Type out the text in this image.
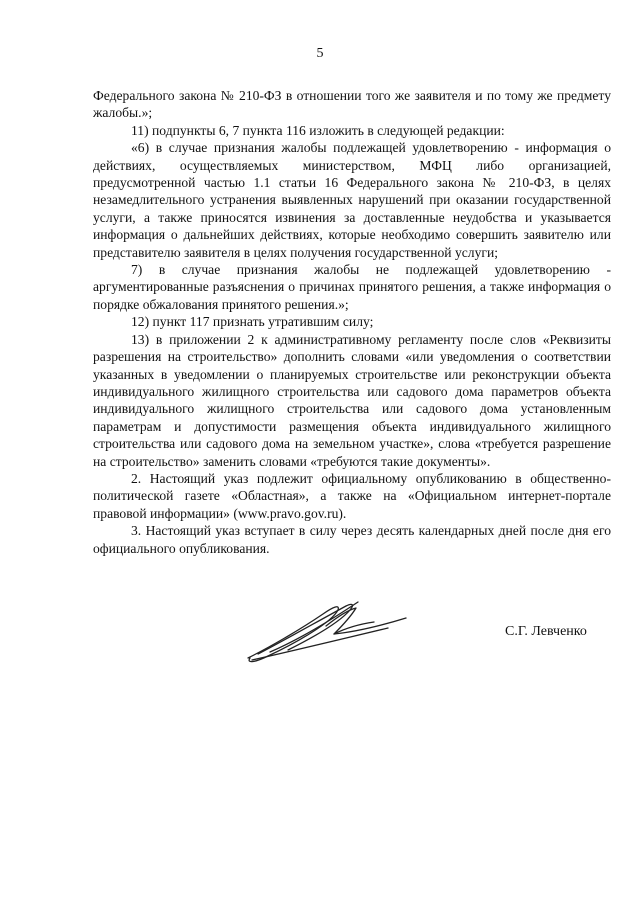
5

Федерального закона № 210-ФЗ в отношении того же заявителя и по тому же предмету жалобы.»;

11) подпункты 6, 7 пункта 116 изложить в следующей редакции:

«6) в случае признания жалобы подлежащей удовлетворению - информация о действиях, осуществляемых министерством, МФЦ либо организацией, предусмотренной частью 1.1 статьи 16 Федерального закона № 210-ФЗ, в целях незамедлительного устранения выявленных нарушений при оказании государственной услуги, а также приносятся извинения за доставленные неудобства и указывается информация о дальнейших действиях, которые необходимо совершить заявителю или представителю заявителя в целях получения государственной услуги;

7) в случае признания жалобы не подлежащей удовлетворению - аргументированные разъяснения о причинах принятого решения, а также информация о порядке обжалования принятого решения.»;

12) пункт 117 признать утратившим силу;

13) в приложении 2 к административному регламенту после слов «Реквизиты разрешения на строительство» дополнить словами «или уведомления о соответствии указанных в уведомлении о планируемых строительстве или реконструкции объекта индивидуального жилищного строительства или садового дома параметров объекта индивидуального жилищного строительства или садового дома установленным параметрам и допустимости размещения объекта индивидуального жилищного строительства или садового дома на земельном участке», слова «требуется разрешение на строительство» заменить словами «требуются такие документы».

2. Настоящий указ подлежит официальному опубликованию в общественно-политической газете «Областная», а также на «Официальном интернет-портале правовой информации» (www.pravo.gov.ru).

3. Настоящий указ вступает в силу через десять календарных дней после дня его официального опубликования.

С.Г. Левченко
